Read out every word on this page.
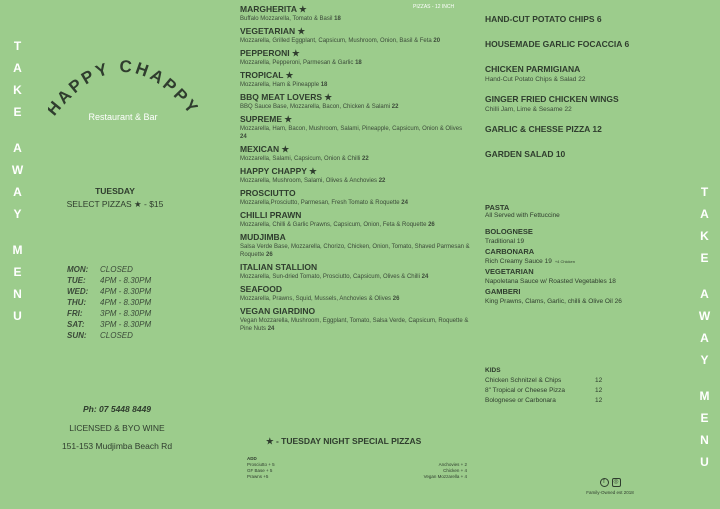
T
A
K
E
A
W
A
Y
M
E
N
U
T
A
K
E
A
W
A
Y
M
E
N
U
APPY CHAPP
Restaurant & Bar
TUESDAY
SELECT PIZZAS ★ - $15
MON:	CLOSED
TUE:	4PM - 8.30PM
WED:	4PM - 8.30PM
THU:	4PM - 8.30PM
FRI:	3PM - 8.30PM
SAT:	3PM - 8.30PM
SUN:	CLOSED
Ph: 07 5448 8449
LICENSED & BYO WINE
151-153 Mudjimba Beach Rd
PIZZAS - 12 INCH
MARGHERITA ★
Buffalo Mozzarella, Tomato & Basil 18
VEGETARIAN ★
Mozzarella, Grilled Eggplant, Capsicum, Mushroom, Onion, Basil & Feta 20
PEPPERONI ★
Mozzarella, Pepperoni, Parmesan & Garlic 18
TROPICAL ★
Mozzarella, Ham & Pineapple 18
BBQ MEAT LOVERS ★
BBQ Sauce Base, Mozzarella, Bacon, Chicken & Salami 22
SUPREME ★
Mozzarella, Ham, Bacon, Mushroom, Salami, Pineapple, Capsicum, Onion & Olives 24
MEXICAN ★
Mozzarella, Salami, Capsicum, Onion & Chilli 22
HAPPY CHAPPY ★
Mozzarella, Mushroom, Salami, Olives & Anchovies 22
PROSCIUTTO
Mozzarella,Prosciutto, Parmesan, Fresh Tomato & Roquette 24
CHILLI PRAWN
Mozzarella, Chilli & Garlic Prawns, Capsicum, Onion, Feta & Roquette 26
MUDJIMBA
Salsa Verde Base, Mozzarella, Chorizo, Chicken, Onion, Tomato, Shaved Parmesan & Roquette 26
ITALIAN STALLION
Mozzarella, Sun-dried Tomato, Prosciutto, Capsicum, Olives & Chilli 24
SEAFOOD
Mozzarella, Prawns, Squid, Mussels, Anchovies & Olives 26
VEGAN GIARDINO
Vegan Mozzarella, Mushroom, Eggplant, Tomato, Salsa Verde, Capsicum, Roquette & Pine Nuts 24
★ - TUESDAY NIGHT SPECIAL PIZZAS
ADD
Prosciutto + 5
GF Base + 5
Prawns +5
Anchovies + 2
Chicken + 4
Vegan Mozzarella + 4
HAND-CUT POTATO CHIPS 6
HOUSEMADE GARLIC FOCACCIA 6
CHICKEN PARMIGIANA
Hand-Cut Potato Chips & Salad 22
GINGER FRIED CHICKEN WINGS
Chilli Jam, Lime & Sesame 22
GARLIC & CHESSE PIZZA 12
GARDEN SALAD 10
PASTA
All Served with Fettuccine
BOLOGNESE
Traditional 19
CARBONARA
Rich Creamy Sauce 19 +4 Chicken
VEGETARIAN
Napoletana Sauce w/ Roasted Vegetables 18
GAMBERI
King Prawns, Clams, Garlic, chilli & Olive Oil 26
KIDS
Chicken Schnitzel & Chips	12
8" Tropical or Cheese Pizza	12
Bolognese or Carbonara	12
f	◎
Family-Owned est 2018
